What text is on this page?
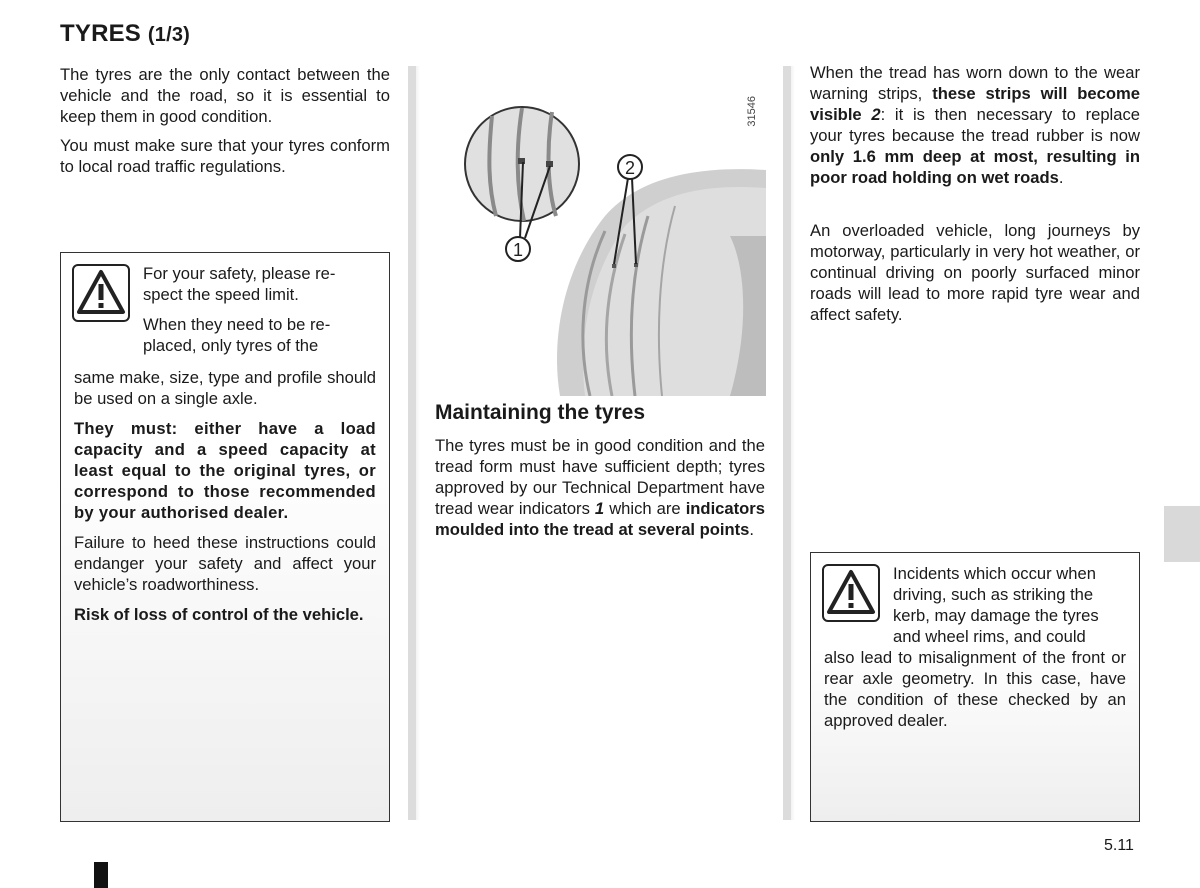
TYRES (1/3)

The tyres are the only contact between the vehicle and the road, so it is essential to keep them in good condition.

You must make sure that your tyres conform to local road traffic regulations.

For your safety, please re-
spect the speed limit.
When they need to be re-
placed, only tyres of the

same make, size, type and profile should be used on a single axle.

They must: either have a load capacity and a speed capacity at least equal to the original tyres, or correspond to those recommended by your authorised dealer.

Failure to heed these instructions could endanger your safety and affect your vehicle’s roadworthiness.

Risk of loss of control of the vehicle.

31546
1
2
Maintaining the tyres

The tyres must be in good condition and the tread form must have sufficient depth; tyres approved by our Technical Department have tread wear indicators 1 which are indicators moulded into the tread at several points.

When the tread has worn down to the wear warning strips, these strips will become visible 2: it is then necessary to replace your tyres because the tread rubber is now only 1.6 mm deep at most, resulting in poor road holding on wet roads.

An overloaded vehicle, long journeys by motorway, particularly in very hot weather, or continual driving on poorly surfaced minor roads will lead to more rapid tyre wear and affect safety.

Incidents which occur when
driving, such as striking the
kerb, may damage the tyres
and wheel rims, and could

also lead to misalignment of the front or rear axle geometry. In this case, have the condition of these checked by an approved dealer.

5.11
